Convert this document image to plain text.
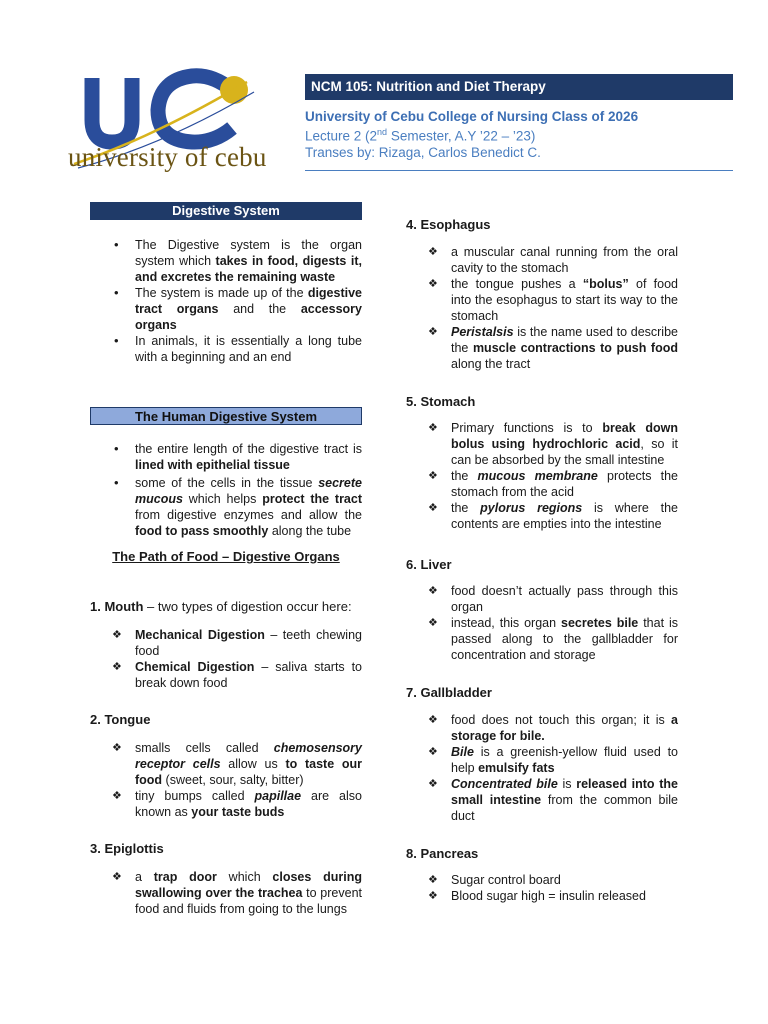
university of cebu
NCM 105: Nutrition and Diet Therapy
University of Cebu College of Nursing Class of 2026
Lecture 2 (2nd Semester, A.Y ’22 – ’23)
Transes by: Rizaga, Carlos Benedict C.
Digestive System
• The Digestive system is the organ system which takes in food, digests it, and excretes the remaining waste
• The system is made up of the digestive tract organs and the accessory organs
• In animals, it is essentially a long tube with a beginning and an end
The Human Digestive System
• the entire length of the digestive tract is lined with epithelial tissue
• some of the cells in the tissue secrete mucous which helps protect the tract from digestive enzymes and allow the food to pass smoothly along the tube
The Path of Food – Digestive Organs
1. Mouth – two types of digestion occur here:
❖ Mechanical Digestion – teeth chewing food
❖ Chemical Digestion – saliva starts to break down food
2. Tongue
❖ smalls cells called chemosensory receptor cells allow us to taste our food (sweet, sour, salty, bitter)
❖ tiny bumps called papillae are also known as your taste buds
3. Epiglottis
❖ a trap door which closes during swallowing over the trachea to prevent food and fluids from going to the lungs
4. Esophagus
❖ a muscular canal running from the oral cavity to the stomach
❖ the tongue pushes a “bolus” of food into the esophagus to start its way to the stomach
❖ Peristalsis is the name used to describe the muscle contractions to push food along the tract
5. Stomach
❖ Primary functions is to break down bolus using hydrochloric acid, so it can be absorbed by the small intestine
❖ the mucous membrane protects the stomach from the acid
❖ the pylorus regions is where the contents are empties into the intestine
6. Liver
❖ food doesn’t actually pass through this organ
❖ instead, this organ secretes bile that is passed along to the gallbladder for concentration and storage
7. Gallbladder
❖ food does not touch this organ; it is a storage for bile.
❖ Bile is a greenish-yellow fluid used to help emulsify fats
❖ Concentrated bile is released into the small intestine from the common bile duct
8. Pancreas
❖ Sugar control board
❖ Blood sugar high = insulin released
